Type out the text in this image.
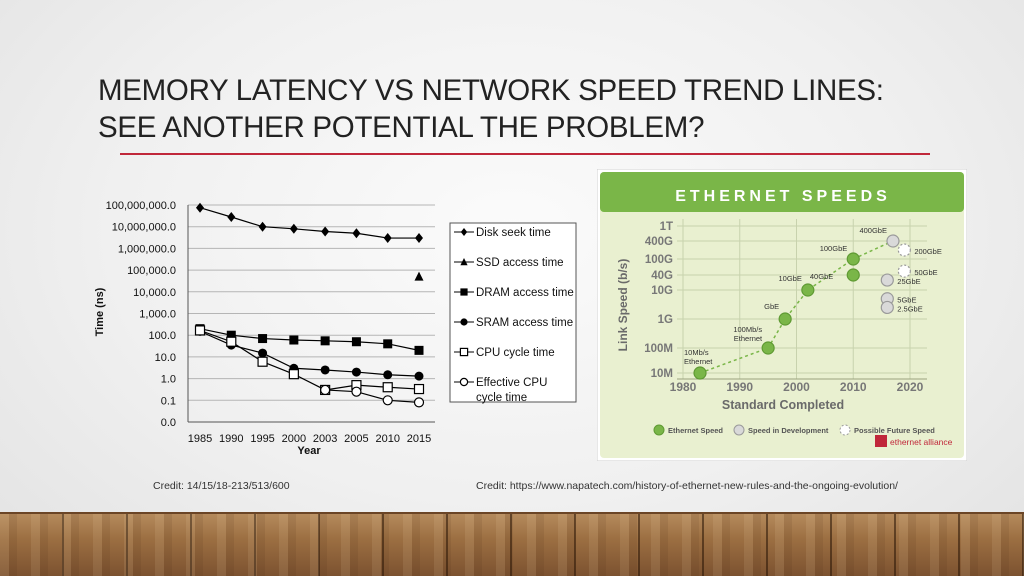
MEMORY LATENCY VS NETWORK SPEED TREND LINES:
SEE ANOTHER POTENTIAL THE PROBLEM?
0.0
0.1
1.0
10.0
100.0
1,000.0
10,000.0
100,000.0
1,000,000.0
10,000,000.0
100,000,000.0
1985 1990 1995 2000 2003 2005 2010 2015
Time (ns)
Year
Disk seek time
SSD access time
DRAM access time
SRAM access time
CPU cycle time
Effective CPU cycle time
ETHERNET SPEEDS
10M
100M
1G
10G
40G
100G
400G
1T
1980	1990	2000	2010	2020
10Mb/s Ethernet
100Mb/s Ethernet
GbE
10GbE 40GbE
100GbE
400GbE
200GbE
50GbE
25GbE
5GbE
2.5GbE
Link Speed (b/s)
Standard Completed
Ethernet Speed	Speed in Development	Possible Future Speed
ethernet alliance
Credit: 14/15/18-213/513/600	Credit: https://www.napatech.com/history-of-ethernet-new-rules-and-the-ongoing-evolution/
